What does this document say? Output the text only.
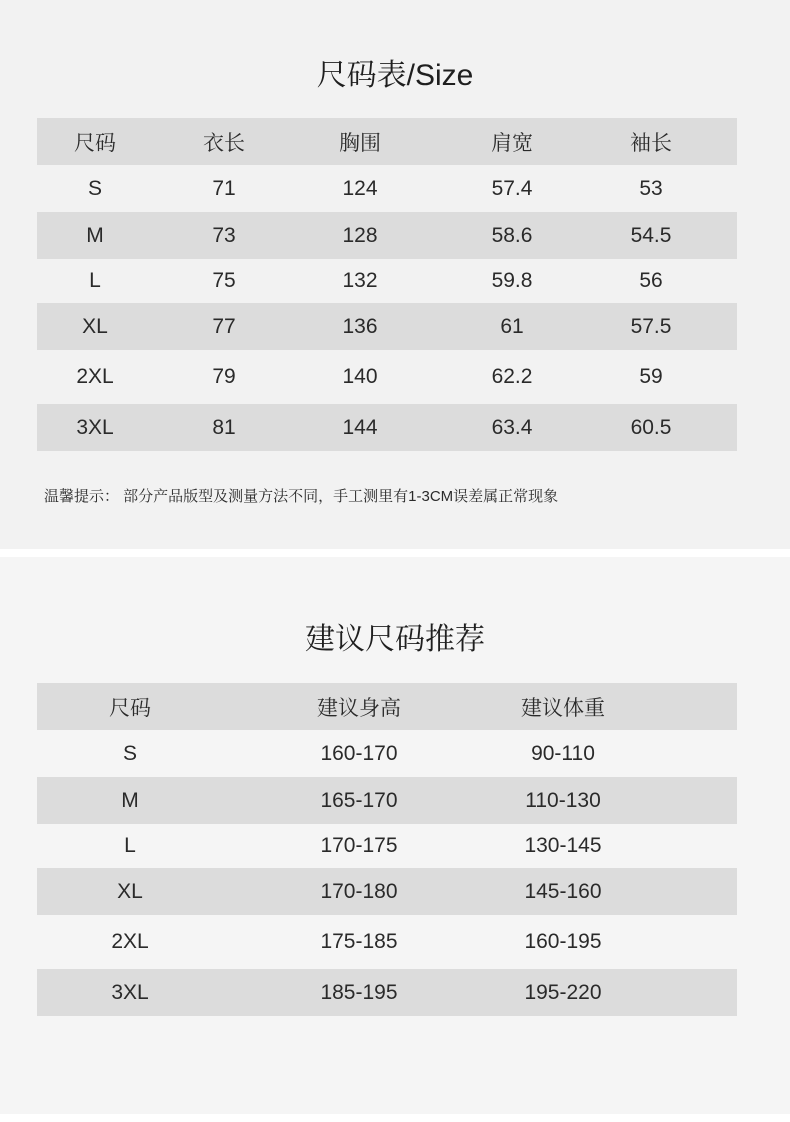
尺码表/Size
尺码	衣长	胸围	肩宽	袖长
S	71	124	57.4	53
M	73	128	58.6	54.5
L	75	132	59.8	56
XL	77	136	61	57.5
2XL	79	140	62.2	59
3XL	81	144	63.4	60.5
温馨提示： 部分产品版型及测量方法不同，手工测里有1-3CM误差属正常现象
建议尺码推荐
尺码	建议身高	建议体重
S	160-170	90-110
M	165-170	110-130
L	170-175	130-145
XL	170-180	145-160
2XL	175-185	160-195
3XL	185-195	195-220
